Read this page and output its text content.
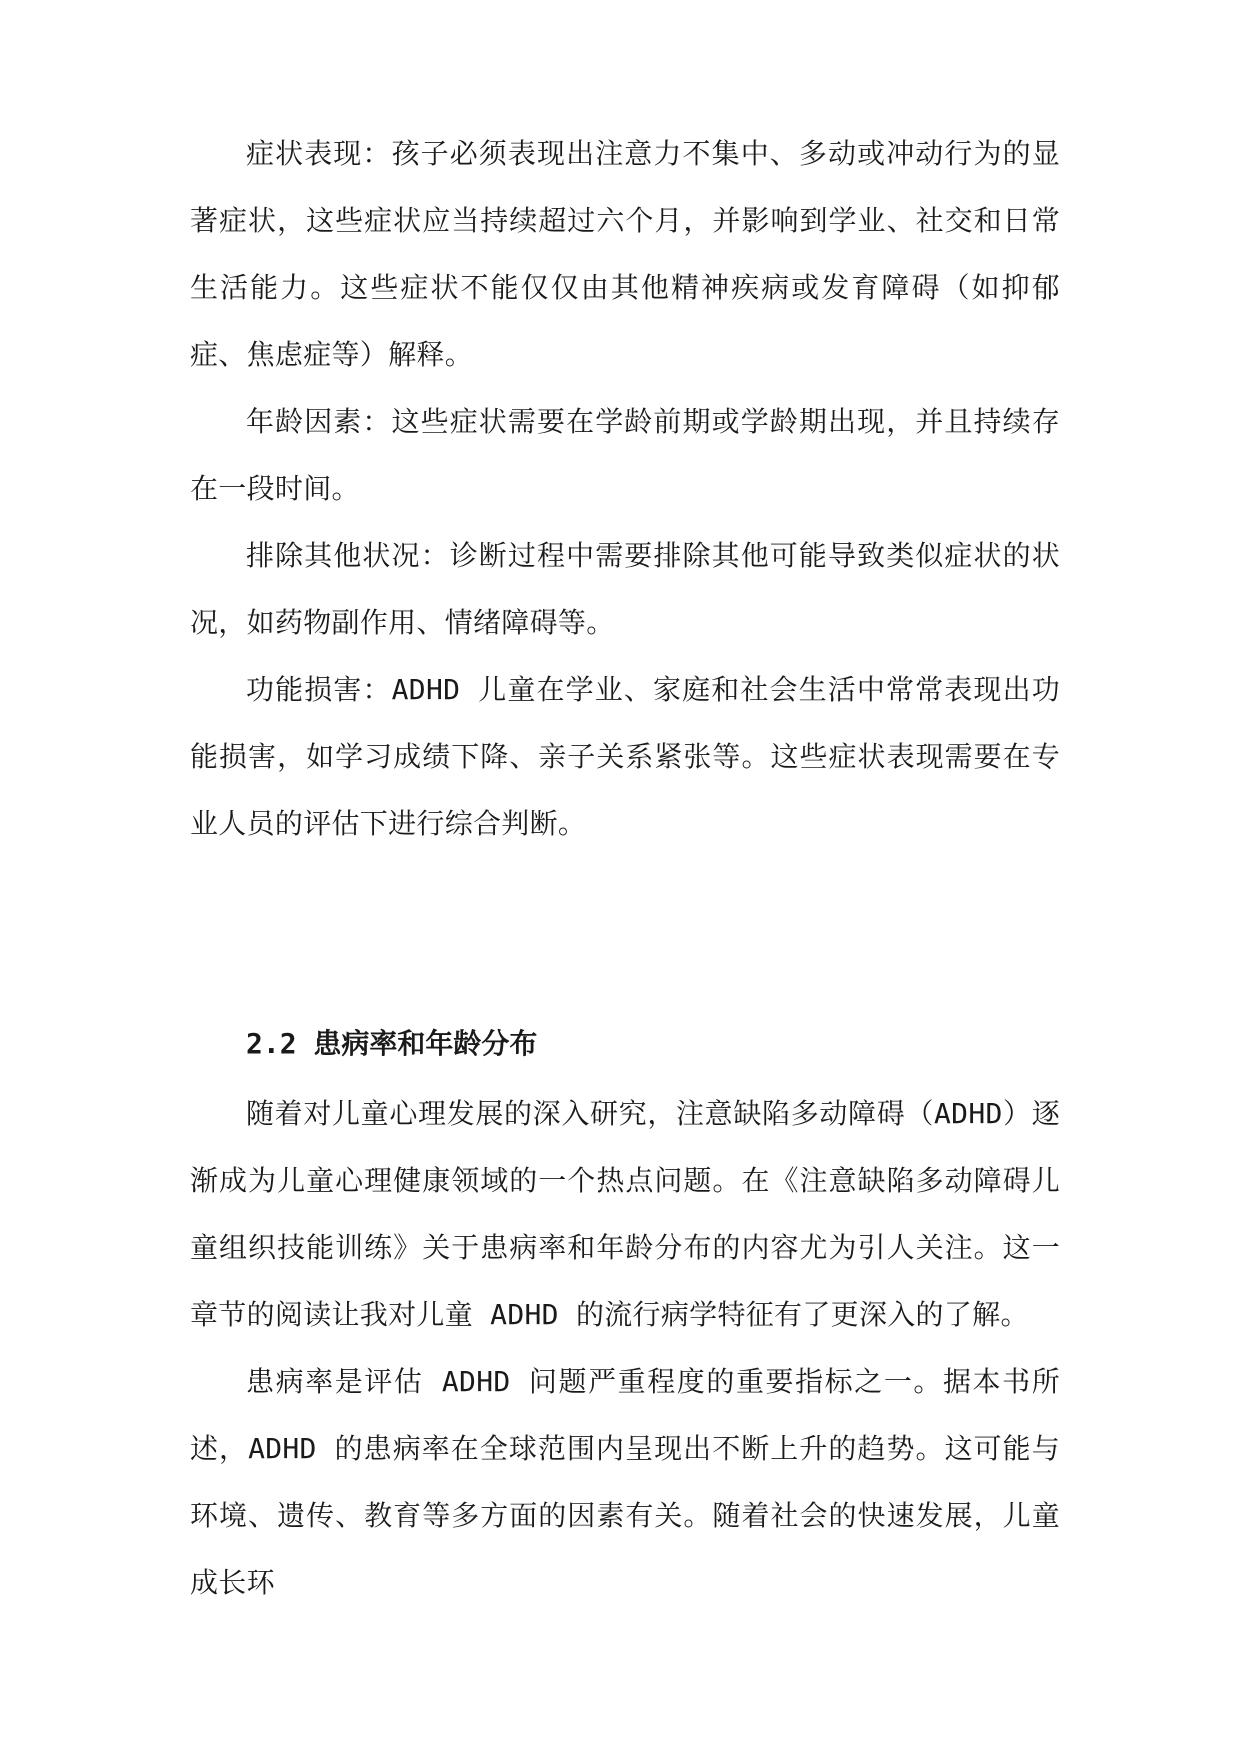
症状表现：孩子必须表现出注意力不集中、多动或冲动行为的显著症状，这些症状应当持续超过六个月，并影响到学业、社交和日常生活能力。这些症状不能仅仅由其他精神疾病或发育障碍（如抑郁症、焦虑症等）解释。

年龄因素：这些症状需要在学龄前期或学龄期出现，并且持续存在一段时间。

排除其他状况：诊断过程中需要排除其他可能导致类似症状的状况，如药物副作用、情绪障碍等。

功能损害：ADHD 儿童在学业、家庭和社会生活中常常表现出功能损害，如学习成绩下降、亲子关系紧张等。这些症状表现需要在专业人员的评估下进行综合判断。

2.2 患病率和年龄分布

随着对儿童心理发展的深入研究，注意缺陷多动障碍（ADHD）逐渐成为儿童心理健康领域的一个热点问题。在《注意缺陷多动障碍儿童组织技能训练》关于患病率和年龄分布的内容尤为引人关注。这一章节的阅读让我对儿童 ADHD 的流行病学特征有了更深入的了解。

患病率是评估 ADHD 问题严重程度的重要指标之一。据本书所述，ADHD 的患病率在全球范围内呈现出不断上升的趋势。这可能与环境、遗传、教育等多方面的因素有关。随着社会的快速发展，儿童成长环
